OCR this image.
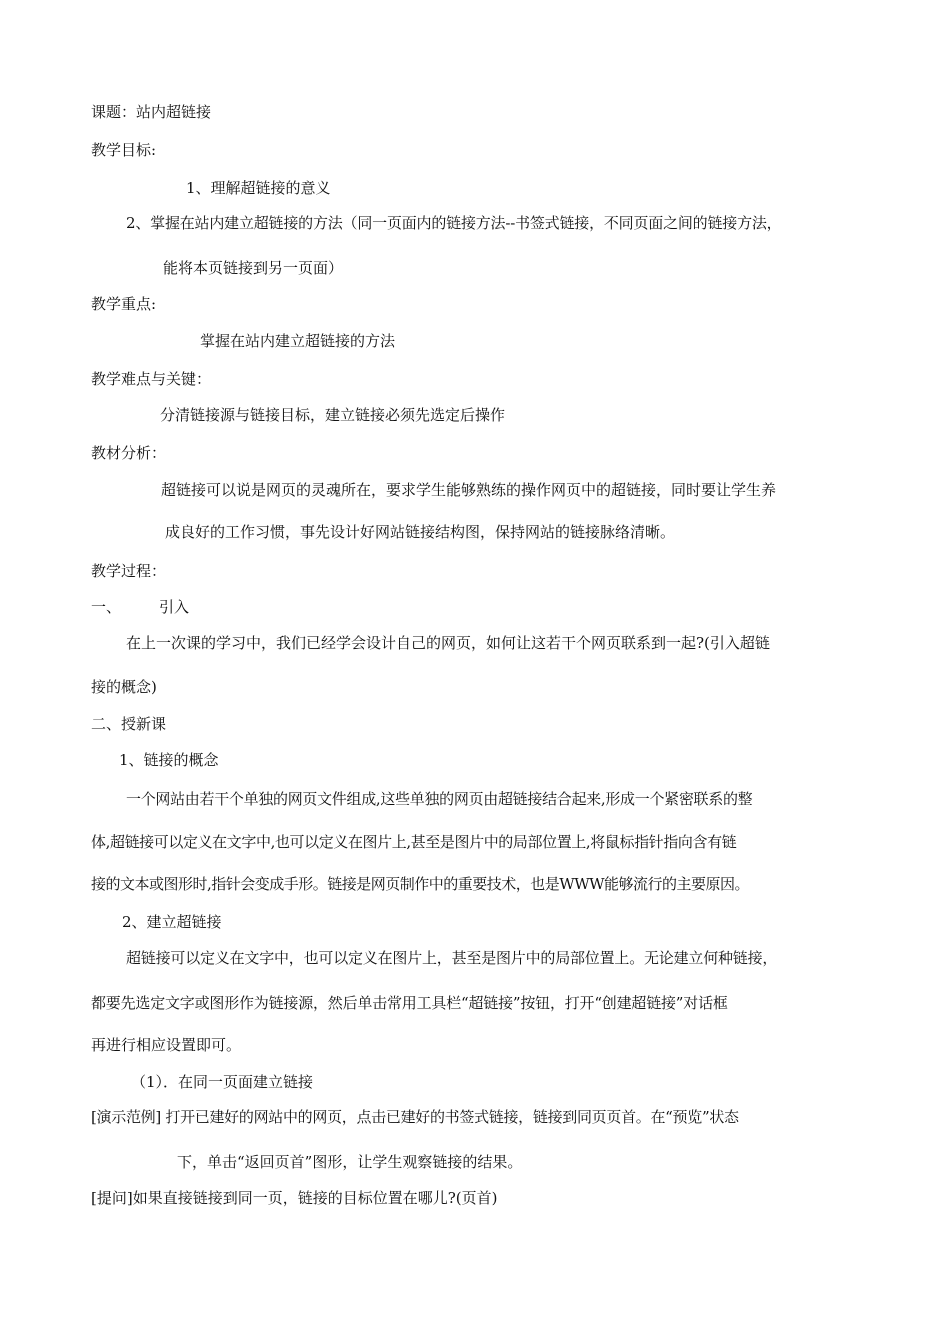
课题：站内超链接
教学目标:
1、理解超链接的意义
2、掌握在站内建立超链接的方法（同一页面内的链接方法--书签式链接，不同页面之间的链接方法，
能将本页链接到另一页面）
教学重点:
掌握在站内建立超链接的方法
教学难点与关键：
分清链接源与链接目标，建立链接必须先选定后操作
教材分析：
超链接可以说是网页的灵魂所在，要求学生能够熟练的操作网页中的超链接，同时要让学生养
成良好的工作习惯，事先设计好网站链接结构图，保持网站的链接脉络清晰。
教学过程：
一、	引入
在上一次课的学习中，我们已经学会设计自己的网页，如何让这若干个网页联系到一起?(引入超链
接的概念)
二、授新课
1、链接的概念
一个网站由若干个单独的网页文件组成,这些单独的网页由超链接结合起来,形成一个紧密联系的整
体,超链接可以定义在文字中,也可以定义在图片上,甚至是图片中的局部位置上,将鼠标指针指向含有链
接的文本或图形时,指针会变成手形。链接是网页制作中的重要技术，也是WWW能够流行的主要原因。
2、建立超链接
超链接可以定义在文字中，也可以定义在图片上，甚至是图片中的局部位置上。无论建立何种链接，
都要先选定文字或图形作为链接源，然后单击常用工具栏“超链接”按钮，打开“创建超链接”对话框
再进行相应设置即可。
（1）．在同一页面建立链接
[演示范例] 打开已建好的网站中的网页，点击已建好的书签式链接，链接到同页页首。在“预览”状态
下，单击“返回页首”图形，让学生观察链接的结果。
[提问]如果直接链接到同一页，链接的目标位置在哪儿?(页首)
